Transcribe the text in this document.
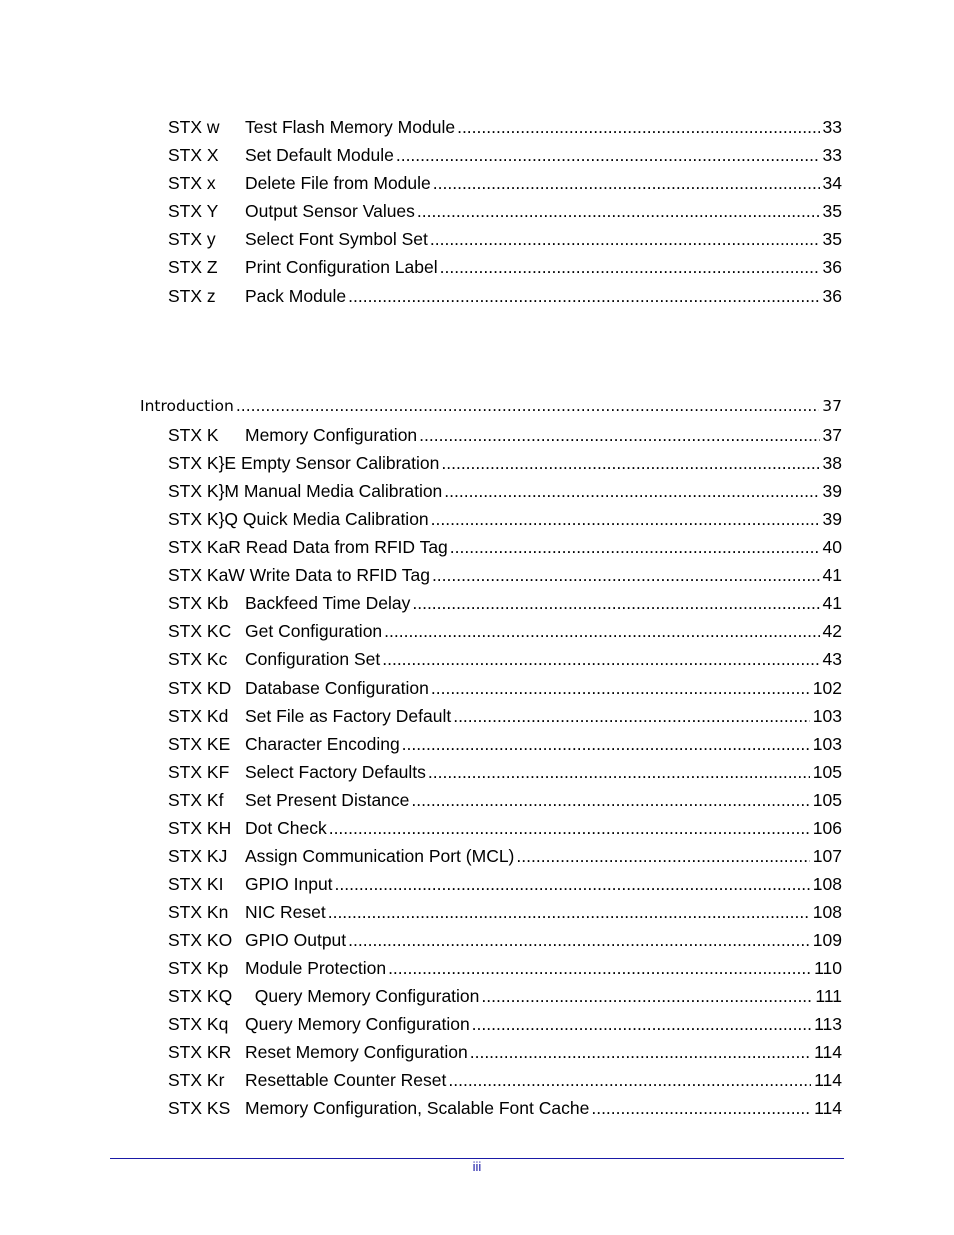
STX w	Test Flash Memory Module .....	33
STX X	Set Default Module .....	33
STX x	Delete File from Module .....	34
STX Y	Output Sensor Values .....	35
STX y	Select Font Symbol Set .....	35
STX Z	Print Configuration Label .....	36
STX z	Pack Module .....	36
Introduction .....	37
STX K	Memory Configuration .....	37
STX K}E Empty Sensor Calibration .....	38
STX K}M Manual Media Calibration .....	39
STX K}Q Quick Media Calibration .....	39
STX KaR Read Data from RFID Tag .....	40
STX KaW Write Data to RFID Tag .....	41
STX Kb Backfeed Time Delay .....	41
STX KC Get Configuration .....	42
STX Kc	Configuration Set .....	43
STX KD Database Configuration .....	102
STX Kd Set File as Factory Default .....	103
STX KE Character Encoding .....	103
STX KF Select Factory Defaults .....	105
STX Kf	Set Present Distance .....	105
STX KH Dot Check .....	106
STX KJ	Assign Communication Port (MCL) .....	107
STX KI	GPIO Input .....	108
STX Kn NIC Reset .....	108
STX KO GPIO Output .....	109
STX Kp Module Protection .....	110
STX KQ Query Memory Configuration .....	111
STX Kq Query Memory Configuration .....	113
STX KR Reset Memory Configuration .....	114
STX Kr	Resettable Counter Reset .....	114
STX KS Memory Configuration, Scalable Font Cache .....	114
iii
